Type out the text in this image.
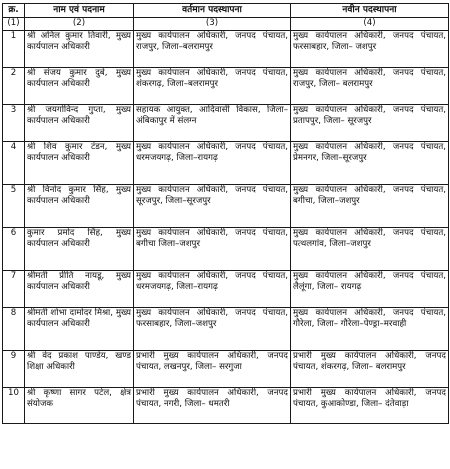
क्र.	नाम एवं पदनाम	वर्तमान पदस्थापना	नवीन पदस्थापना
(1)	(2)	(3)	(4)
1	श्री अनिल कुमार तिवारी, मुख्य कार्यपालन अधिकारी	मुख्य कार्यपालन अधिकारी, जनपद पंचायत, राजपुर, जिला–बलरामपुर	मुख्य कार्यपालन अधिकारी, जनपद पंचायत, फरसाबहार, जिला– जशपुर
2	श्री संजय कुमार दुबे, मुख्य कार्यपालन अधिकारी	मुख्य कार्यपालन अधिकारी, जनपद पंचायत, शंकरगढ़, जिला–बलरामपुर	मुख्य कार्यपालन अधिकारी, जनपद पंचायत, राजपुर, जिला– बलरामपुर
3	श्री जयगोविन्द गुप्ता, मुख्य कार्यपालन अधिकारी	सहायक आयुक्त, आदिवासी विकास, जिला– अंबिकापुर में संलग्न	मुख्य कार्यपालन अधिकारी, जनपद पंचायत, प्रतापपुर, जिला– सूरजपुर
4	श्री शिव कुमार टंडन, मुख्य कार्यपालन अधिकारी	मुख्य कार्यपालन अधिकारी, जनपद पंचायत, धरमजयगढ़, जिला–रायगढ़	मुख्य कार्यपालन अधिकारी, जनपद पंचायत, प्रेमनगर, जिला–सूरजपुर
5	श्री विनोद कुमार सिंह, मुख्य कार्यपालन अधिकारी	मुख्य कार्यपालन अधिकारी, जनपद पंचायत, सूरजपुर, जिला–सूरजपुर	मुख्य कार्यपालन अधिकारी, जनपद पंचायत, बगीचा, जिला–जशपुर
6	कुमार प्रमोद सिंह, मुख्य कार्यपालन अधिकारी	मुख्य कार्यपालन अधिकारी, जनपद पंचायत, बगीचा जिला–जशपुर	मुख्य कार्यपालन अधिकारी, जनपद पंचायत, पत्थलगांव, जिला–जशपुर
7	श्रीमती प्रीति नायडू, मुख्य कार्यपालन अधिकारी	मुख्य कार्यपालन अधिकारी, जनपद पंचायत, धरमजयगढ़, जिला–रायगढ़	मुख्य कार्यपालन अधिकारी, जनपद पंचायत, लैलूंगा, जिला– रायगढ़
8	श्रीमती शोभा दामोदर मिश्रा, मुख्य कार्यपालन अधिकारी	मुख्य कार्यपालन अधिकारी, जनपद पंचायत, फरसाबहार, जिला–जशपुर	मुख्य कार्यपालन अधिकारी, जनपद पंचायत, गौरेला, जिला– गौरेला–पेण्ड्रा–मरवाही
9	श्री वेद प्रकाश पाण्डेय, खण्ड शिक्षा अधिकारी	प्रभारी मुख्य कार्यपालन अधिकारी, जनपद पंचायत, लखनपुर, जिला– सरगुजा	प्रभारी मुख्य कार्यपालन अधिकारी, जनपद पंचायत, शंकरगढ़, जिला– बलरामपुर
10	श्री कृष्णा सागर पटेल, क्षेत्र संयोजक	प्रभारी मुख्य कार्यपालन अधिकारी, जनपद पंचायत, नगरी, जिला– धमतरी	प्रभारी मुख्य कार्यपालन अधिकारी, जनपद पंचायत, कुआकोण्डा, जिला– दंतेवाड़ा
